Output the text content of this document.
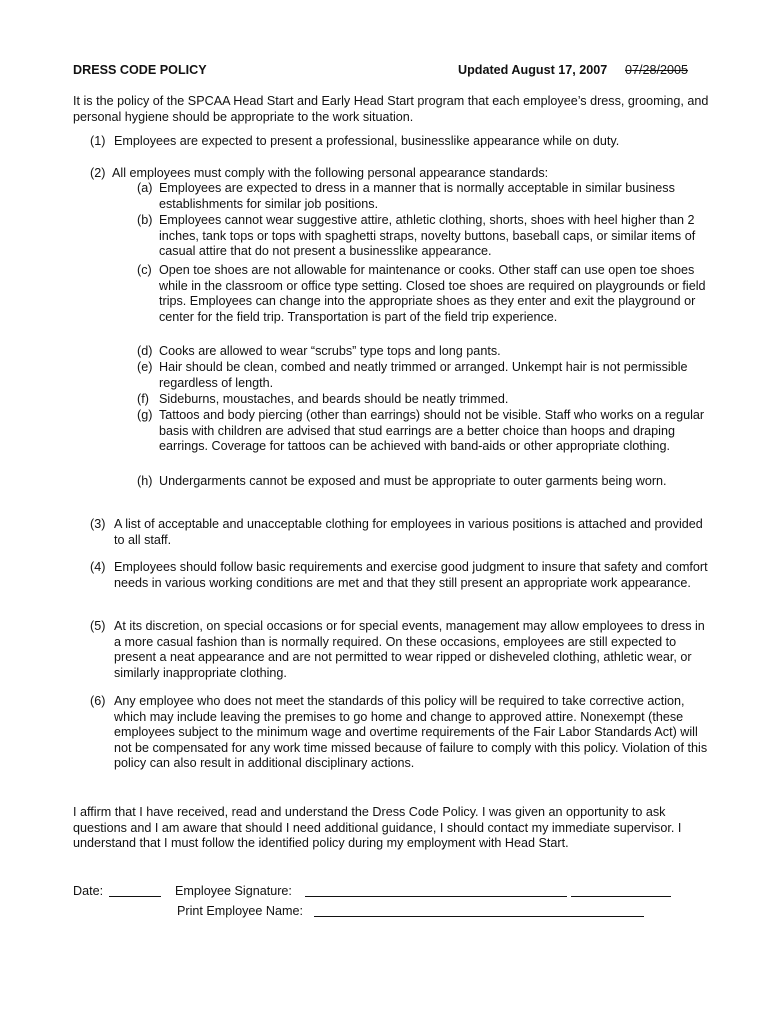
DRESS CODE POLICY	Updated August 17, 2007 07/28/2005
It is the policy of the SPCAA Head Start and Early Head Start program that each employee’s dress, grooming, and personal hygiene should be appropriate to the work situation.
(1) Employees are expected to present a professional, businesslike appearance while on duty.
(2) All employees must comply with the following personal appearance standards:
(a) Employees are expected to dress in a manner that is normally acceptable in similar business establishments for similar job positions.
(b) Employees cannot wear suggestive attire, athletic clothing, shorts, shoes with heel higher than 2 inches, tank tops or tops with spaghetti straps, novelty buttons, baseball caps, or similar items of casual attire that do not present a businesslike appearance.
(c) Open toe shoes are not allowable for maintenance or cooks. Other staff can use open toe shoes while in the classroom or office type setting. Closed toe shoes are required on playgrounds or field trips. Employees can change into the appropriate shoes as they enter and exit the playground or center for the field trip. Transportation is part of the field trip experience.
(d) Cooks are allowed to wear “scrubs” type tops and long pants.
(e) Hair should be clean, combed and neatly trimmed or arranged. Unkempt hair is not permissible regardless of length.
(f) Sideburns, moustaches, and beards should be neatly trimmed.
(g) Tattoos and body piercing (other than earrings) should not be visible. Staff who works on a regular basis with children are advised that stud earrings are a better choice than hoops and draping earrings. Coverage for tattoos can be achieved with band-aids or other appropriate clothing.
(h) Undergarments cannot be exposed and must be appropriate to outer garments being worn.
(3) A list of acceptable and unacceptable clothing for employees in various positions is attached and provided to all staff.
(4) Employees should follow basic requirements and exercise good judgment to insure that safety and comfort needs in various working conditions are met and that they still present an appropriate work appearance.
(5) At its discretion, on special occasions or for special events, management may allow employees to dress in a more casual fashion than is normally required. On these occasions, employees are still expected to present a neat appearance and are not permitted to wear ripped or disheveled clothing, athletic wear, or similarly inappropriate clothing.
(6) Any employee who does not meet the standards of this policy will be required to take corrective action, which may include leaving the premises to go home and change to approved attire. Nonexempt (these employees subject to the minimum wage and overtime requirements of the Fair Labor Standards Act) will not be compensated for any work time missed because of failure to comply with this policy. Violation of this policy can also result in additional disciplinary actions.
I affirm that I have received, read and understand the Dress Code Policy. I was given an opportunity to ask questions and I am aware that should I need additional guidance, I should contact my immediate supervisor. I understand that I must follow the identified policy during my employment with Head Start.
Date:	Employee Signature:
Print Employee Name:
